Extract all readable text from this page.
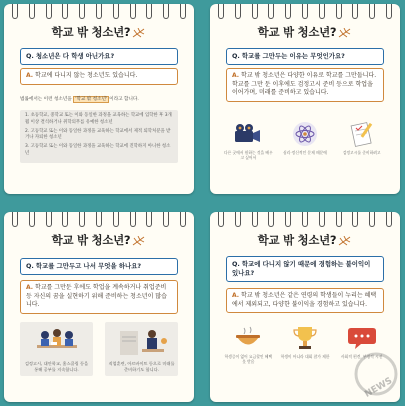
학교 밖 청소년?
Q. 청소년은 다 학생 아닌가요?
A. 학교에 다니지 않는 청소년도 있습니다.
법률에서는 이런 청소년을 '학교 밖 청소년' 이라고 합니다.

1. 초등학교, 중학교 또는 이와 동일한 과정을 교육하는 학교에 입학한 후 3개월 이상 결석하거나 취학의무를 유예한 청소년

2. 고등학교 또는 이와 동일한 과정을 교육하는 학교에서 제적 퇴학처분을 받거나 자퇴한 청소년

3. 고등학교 또는 이와 동일한 과정을 교육하는 학교에 진학하지 아니한 청소년

학교 밖 청소년?
Q. 학교를 그만두는 이유는 무엇인가요?
A. 학교 밖 청소년은 다양한 이유로 학교를 그만둡니다. 학교를 그만 둔 이후에도 검정고시 준비 등으로 학업을 이어가며, 미래를 준비하고 있습니다.
다른 곳에서 원하는 것을 배우고 싶어서
심리·정신적인 문제 때문에	검정고시를 준비하려고
학교 밖 청소년?
Q. 학교를 그만두고 나서 무엇을 하나요?
A. 학교를 그만둔 후에도 학업을 계속하거나 취업준비 등 자신의 꿈을 실현하기 위해 준비하는 청소년이 많습니다.
검정고시, 대안학교, 홈스쿨링 등을 통해 공부를 지속합니다.
직업훈련, 아르바이트 등으로 미래를 준비하기도 합니다.
학교 밖 청소년?
Q. 학교에 다니지 않기 때문에 경험하는 불이익이 있나요?
A. 학교 밖 청소년은 같은 연령의 학생들이 누리는 혜택에서 제외되고, 다양한 불이익을 경험하고 있습니다.
학생증이 없어 요금할인 혜택 못 받음
학생이 아니라 대회 참가 제한	사회적 편견, 부정적 시선
NEWS
